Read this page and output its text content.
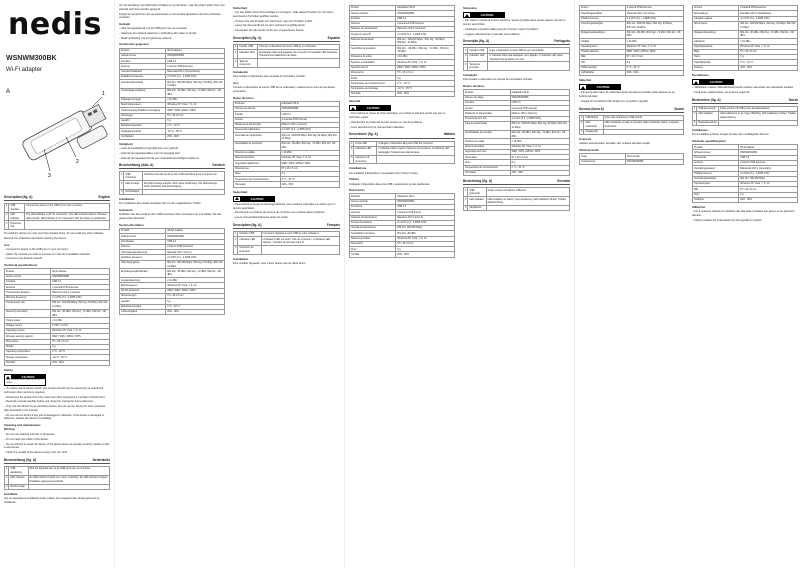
nedis
WSNWM300BK
Wi-Fi adapter
A	1
2
3
Description (fig. A)	English
1	USB interface	Connect the device to the USB port of your computer.
2	LED indicator	The LED indicator is off: No connection. The LED indicator flashes: Wireless data transfer. LED indicator is on: Connection with the device is established.
3	Protective cap	
To install the device you only need the included driver, do not install any other software.
Remove the protective cap before inserting the device.
Use
– Connect the device to the USB port on your computer.
– Select the network you wish to connect to in the list of available networks.
– Connect to the desired network.
Technical specifications
Product	Wi-Fi adapter
Article number	WSNWM300BK
Interface	USB 2.0
Antenna	2 internal PCB antennas
Transmission distance	Maximum 100 m (indoors)
Wireless frequency	2.4 GHz (2.4 - 2.4835 GHz)
Transmission rate	802.11n: 300/150 Mbps; 802.11g: 54 Mbps; 802.11b: 11 Mbps
Receiving sensitivity	802.11b: -89 dBm; 802.11g: -72 dBm; 802.11n: -68 dBm
Output power	≤ 16 dBm
Voltage current	5 VDC / 0.15 A
Operating system	Windows XP, Vista, 7, 8, 10
Wireless security support	WEP / WPA / WPA2 / WPS
Dimensions	57 x 18 x 8 mm
Weight	6 g
Operating temperature	0 °C - 40 °C
Storage temperature	-10 °C - 65 °C
Humidity	20% - 90%
Safety
CAUTION
RISK OF ELECTRIC SHOCK DO NOT OPEN
– To reduce risk of electric shock, this product should only be opened by an authorized technician when service is required.
– Disconnect the product from the mains and other equipment if a problem should occur.
– Read the manual carefully before use. Keep the manual for future reference.
– Only use the device for its intended purpose. Do not use the device for other purposes than described in the manual.
– Do not use the device if any part is damaged or defective. If the device is damaged or defective, replace the device immediately.
Cleaning and maintenance
Warning:
– Do not use cleaning solvents or abrasives.
– Do not clean the inside of the device.
– Do not attempt to repair the device. If the device does not operate correctly, replace it with a new device.
– Clean the outside of the device using a soft, dry cloth.
Beschreibung (fig. A)	Nederlands
1	USB-aansluiting	Sluit het apparaat aan op de USB-poort van uw computer.
2	LED-indicator	De LED-indicator brandt niet: Geen verbinding. De LED-indicator knippert: Draadloze gegevensoverdracht.
3	Beschermkap	
Installatie
Om het apparaat te installeren hoeft u alleen het meegeleverde stuurprogramma te installeren.
Om de aanraking met elektrische schokken te verminderen, mag dit product alleen door een erkende technicus worden geopend.
Koppel het product los van het stopcontact en van andere apparatuur als zich problemen voordoen.
Gebruik
– Sluit het apparaat aan op de USB-poort van uw computer.
– Selecteer het netwerk waarmee u verbinding wilt maken in de lijst.
– Maak verbinding met het gewenste netwerk.
Technische gegevens
Product	Wi-Fi-adapter
Artikelnummer	WSNWM300BK
Interface	USB 2.0
Antenne	2 interne PCB-antennes
Overdrachtsafstand	Maximaal 100 m (binnenshuis)
Draadloze frequentie	2,4 GHz (2,4 - 2,4835 GHz)
Overdrachtssnelheid	802.11n: 300/150 Mbps; 802.11g: 54 Mbps; 802.11b: 11 Mbps
Ontvangstgevoeligheid	802.11b: -89 dBm; 802.11g: -72 dBm; 802.11n: -68 dBm
Uitgangsvermogen	≤ 16 dBm
Besturingssysteem	Windows XP, Vista, 7, 8, 10
Ondersteuning draadloze beveiliging	WEP / WPA / WPA2 / WPS
Afmetingen	57 x 18 x 8 mm
Gewicht	6 g
Bedrijfstemperatuur	0 °C - 40 °C
Opslagtemperatuur	-10 °C - 65 °C
Vochtigheid	20% - 90%
Veiligheid
– Lees de handleiding zorgvuldig door voor gebruik.
– Gebruik het apparaat alleen voor het beoogde doel.
– Gebruik het apparaat niet als een onderdeel beschadigd of defect is.
Beschreibung (Abb. A)	Deutsch
1	USB-Anschluss	Schließen Sie das Gerät an den USB-Anschluss Ihres Computers an.
2	LED-Anzeige	Die LED-Anzeige leuchtet nicht: Keine Verbindung. Die LED-Anzeige blinkt: Drahtlose Datenübertragung.
3	Schutzkappe	
Installation
Zur Installation des Geräts benötigen Sie nur den mitgelieferten Treiber.
Gebrauch
Schließen Sie das Gerät an den USB-Anschluss Ihres Computers an und wählen Sie das gewünschte Netzwerk.
Technische Daten
Produkt	WLAN-Adapter
Artikelnummer	WSNWM300BK
Schnittstelle	USB 2.0
Antenne	2 interne PCB-Antennen
Übertragungsentfernung	Maximal 100 m (innen)
Drahtlose Frequenz	2,4 GHz (2,4 - 2,4835 GHz)
Übertragungsrate	802.11n: 300/150 Mbps; 802.11g: 54 Mbps; 802.11b: 11 Mbps
Empfangsempfindlichkeit	802.11b: -89 dBm; 802.11g: -72 dBm; 802.11n: -68 dBm
Ausgangsleistung	≤ 16 dBm
Betriebssystem	Windows XP, Vista, 7, 8, 10
WLAN-Sicherheit	WEP / WPA / WPA2 / WPS
Abmessungen	57 x 18 x 8 mm
Gewicht	6 g
Betriebstemperatur	0 °C - 40 °C
Luftfeuchtigkeit	20% - 90%
Sicherheit
– Um das Risiko eines Stromschlags zu verringern, sollte dieses Produkt nur von einem autorisierten Techniker geöffnet werden.
– Trennen Sie das Produkt vom Stromnetz, wenn ein Problem auftritt.
– Lesen Sie das Handbuch vor dem Gebrauch sorgfältig durch.
– Verwenden Sie das Gerät nur für den vorgesehenen Zweck.
Description (fig. A)	Español
1	Interfaz USB	Conecte el dispositivo al puerto USB de su ordenador.
2	Indicador LED	El indicador LED está apagado: Sin conexión. El indicador LED parpadea: Transferencia inalámbrica de datos.
3	Tapa de protección	
Instalación
Para instalar el dispositivo solo necesita el controlador incluido.
Uso
Conecte el dispositivo al puerto USB de su ordenador y seleccione la red a la que desea conectarse.
Datos técnicos
Producto	Adaptador Wi-Fi
Número de artículo	WSNWM300BK
Interfaz	USB 2.0
Antena	2 antenas PCB internas
Distancia de transmisión	Máximo 100 m (interior)
Frecuencia inalámbrica	2,4 GHz (2,4 - 2,4835 GHz)
Velocidad de transmisión	802.11n: 300/150 Mbps; 802.11g: 54 Mbps; 802.11b: 11 Mbps
Sensibilidad de recepción	802.11b: -89 dBm; 802.11g: -72 dBm; 802.11n: -68 dBm
Potencia de salida	≤ 16 dBm
Sistema operativo	Windows XP, Vista, 7, 8, 10
Seguridad inalámbrica	WEP / WPA / WPA2 / WPS
Dimensiones	57 x 18 x 8 mm
Peso	6 g
Temperatura de funcionamiento	0 °C - 40 °C
Humedad	20% - 90%
Seguridad
CAUTION
– Para reducir el riesgo de descarga eléctrica, este producto solo debe ser abierto por un técnico autorizado.
– Desconecte el producto de la toma de corriente si se produce algún problema.
– Lea el manual detenidamente antes de usarlo.
Description (fig. A)	Français
1	Interface USB	Connectez l'appareil au port USB de votre ordinateur.
2	Indicateur LED	L'indicateur LED est éteint : Pas de connexion. L'indicateur LED clignote : Transfert de données sans fil.
3	Capuchon de protection	
Installation
Pour installer l'appareil, vous n'avez besoin que du pilote fourni.
Produit	Adaptateur Wi-Fi
Numéro d'article	WSNWM300BK
Interface	USB 2.0
Antenne	2 antennes PCB internes
Distance de transmission	Maximum 100 m (intérieur)
Fréquence sans fil	2,4 GHz (2,4 - 2,4835 GHz)
Débit de transmission	802.11n : 300/150 Mbps ; 802.11g : 54 Mbps ; 802.11b : 11 Mbps
Sensibilité de réception	802.11b : -89 dBm ; 802.11g : -72 dBm ; 802.11n : -68 dBm
Puissance de sortie	≤ 16 dBm
Système d'exploitation	Windows XP, Vista, 7, 8, 10
Sécurité sans fil	WEP / WPA / WPA2 / WPS
Dimensions	57 x 18 x 8 mm
Poids	6 g
Température de fonctionnement	0 °C - 40 °C
Température de stockage	-10 °C - 65 °C
Humidité	20% - 90%
Sécurité
CAUTION
– Pour réduire le risque de choc électrique, ce produit ne doit être ouvert que par un technicien agréé.
– Débranchez le produit de la prise secteur en cas de problème.
– Lisez attentivement le manuel avant utilisation.
Descrizione (fig. A)	Italiano
1	Porta USB	Collegare il dispositivo alla porta USB del computer.
2	Indicatore LED	L'indicatore LED è spento: Nessuna connessione. L'indicatore LED lampeggia: Trasferimento dati wireless.
3	Cappuccio di protezione	
Installazione
Per installare il dispositivo è necessario solo il driver incluso.
Utilizzo
Collegare il dispositivo alla porta USB e selezionare la rete desiderata.
Dati tecnici
Prodotto	Adattatore Wi-Fi
Numero articolo	WSNWM300BK
Interfaccia	USB 2.0
Antenna	2 antenne PCB interne
Distanza di trasmissione	Massimo 100 m (interni)
Frequenza wireless	2,4 GHz (2,4 - 2,4835 GHz)
Velocità di trasmissione	802.11n: 300/150 Mbps
Sensibilità di ricezione	802.11b: -89 dBm
Sistema operativo	Windows XP, Vista, 7, 8, 10
Dimensioni	57 x 18 x 8 mm
Peso	6 g
Umidità	20% - 90%
Sicurezza
CAUTION
– Per ridurre il rischio di scosse elettriche, questo prodotto deve essere aperto solo da un tecnico autorizzato.
– Scollegare il prodotto dalla presa di corrente in caso di problemi.
– Leggere attentamente il manuale prima dell'uso.
Descrição (fig. A)	Português
1	Interface USB	Ligue o dispositivo à porta USB do seu computador.
2	Indicador LED	O indicador LED está desligado: Sem ligação. O indicador LED pisca: Transferência de dados sem fios.
3	Tampa de proteção	
Instalação
Para instalar o dispositivo só precisa do controlador incluído.
Dados técnicos
Produto	Adaptador Wi-Fi
Número do artigo	WSNWM300BK
Interface	USB 2.0
Antena	2 antenas PCB internas
Distância de transmissão	Máximo 100 m (interior)
Frequência sem fios	2,4 GHz (2,4 - 2,4835 GHz)
Taxa de transmissão	802.11n: 300/150 Mbps; 802.11g: 54 Mbps; 802.11b: 11 Mbps
Sensibilidade de receção	802.11b: -89 dBm; 802.11g: -72 dBm; 802.11n: -68 dBm
Potência de saída	≤ 16 dBm
Sistema operativo	Windows XP, Vista, 7, 8, 10
Segurança sem fios	WEP / WPA / WPA2 / WPS
Dimensões	57 x 18 x 8 mm
Peso	6 g
Temperatura de funcionamento	0 °C - 40 °C
Humidade	20% - 90%
Beskrivning (fig. A)	Svenska
1	USB-gränssnitt	Anslut enheten till datorns USB-port.
2	LED-indikator	LED-indikatorn är släckt: Ingen anslutning. LED-indikatorn blinkar: Trådlös dataöverföring.
3	Skyddslock	
Antenn	2 interna PCB-antenner
Överföringsavstånd	Maximalt 100 m (inomhus)
Trådlös frekvens	2,4 GHz (2,4 - 2,4835 GHz)
Överföringshastighet	802.11n: 300/150 Mbps; 802.11g: 54 Mbps; 802.11b: 11 Mbps
Mottagningskänslighet	802.11b: -89 dBm; 802.11g: -72 dBm; 802.11n: -68 dBm
Uteffekt	≤ 16 dBm
Operativsystem	Windows XP, Vista, 7, 8, 10
Trådlös säkerhet	WEP / WPA / WPA2 / WPS
Mått	57 x 18 x 8 mm
Vikt	6 g
Drifttemperatur	0 °C - 40 °C
Luftfuktighet	20% - 90%
Säkerhet
CAUTION
– För att minska risken för elektriska stötar ska denna produkt endast öppnas av en behörig tekniker.
– Koppla bort produkten från elnätet om ett problem uppstår.
Kuvaus (kuva A)	Suomi
1	USB-liitäntä	Kytke laite tietokoneen USB-porttiin.
2	LED-merkkivalo	LED-merkkivalo ei pala: Ei yhteyttä. LED-merkkivalo vilkkuu: Langaton tiedonsiirto.
3	Suojakorkki	
Asennus
Laitteen asentamiseen tarvitaan vain mukana toimitettu ohjain.
Tekniset tiedot
Tuote	Wi-Fi-sovitin
Tuotenumero	WSNWM300BK
Antenni	2 sisäistä PCB-antennia
Siirtoetäisyys	Enintään 100 m (sisätiloissa)
Langaton taajuus	2,4 GHz (2,4 - 2,4835 GHz)
Siirtonopeus	802.11n: 300/150 Mbps; 802.11g: 54 Mbps; 802.11b: 11 Mbps
Vastaanottoherkkyys	802.11b: -89 dBm; 802.11g: -72 dBm; 802.11n: -68 dBm
Lähtöteho	≤ 16 dBm
Käyttöjärjestelmä	Windows XP, Vista, 7, 8, 10
Mitat	57 x 18 x 8 mm
Paino	6 g
Käyttölämpötila	0 °C - 40 °C
Kosteus	20% - 90%
Turvallisuus
CAUTION
– Sähköiskun vaaran vähentämiseksi tämän tuotteen saa avata vain valtuutettu teknikko.
– Irrota tuote verkkovirrasta, jos ilmenee ongelmia.
Beskrivelse (fig. A)	Norsk
1	USB-grensesnitt	Koble enheten til USB-porten på datamaskinen.
2	LED-indikator	LED-indikatoren er av: Ingen tilkobling. LED-indikatoren blinker: Trådløs dataoverføring.
3	Beskyttelseshette	
Installasjon
For å installere enheten trenger du bare den medfølgende driveren.
Tekniske spesifikasjoner
Produkt	Wi-Fi-adapter
Artikkelnummer	WSNWM300BK
Grensesnitt	USB 2.0
Antenne	2 interne PCB-antenner
Overføringsavstand	Maksimalt 100 m (innendørs)
Trådløs frekvens	2,4 GHz (2,4 - 2,4835 GHz)
Overføringshastighet	802.11n: 300/150 Mbps
Operativsystem	Windows XP, Vista, 7, 8, 10
Mål	57 x 18 x 8 mm
Vekt	6 g
Fuktighet	20% - 90%
Sikkerhet
– For å redusere risikoen for elektrisk støt skal dette produktet kun åpnes av en autorisert tekniker.
– Koble produktet fra strømnettet hvis det oppstår et problem.
